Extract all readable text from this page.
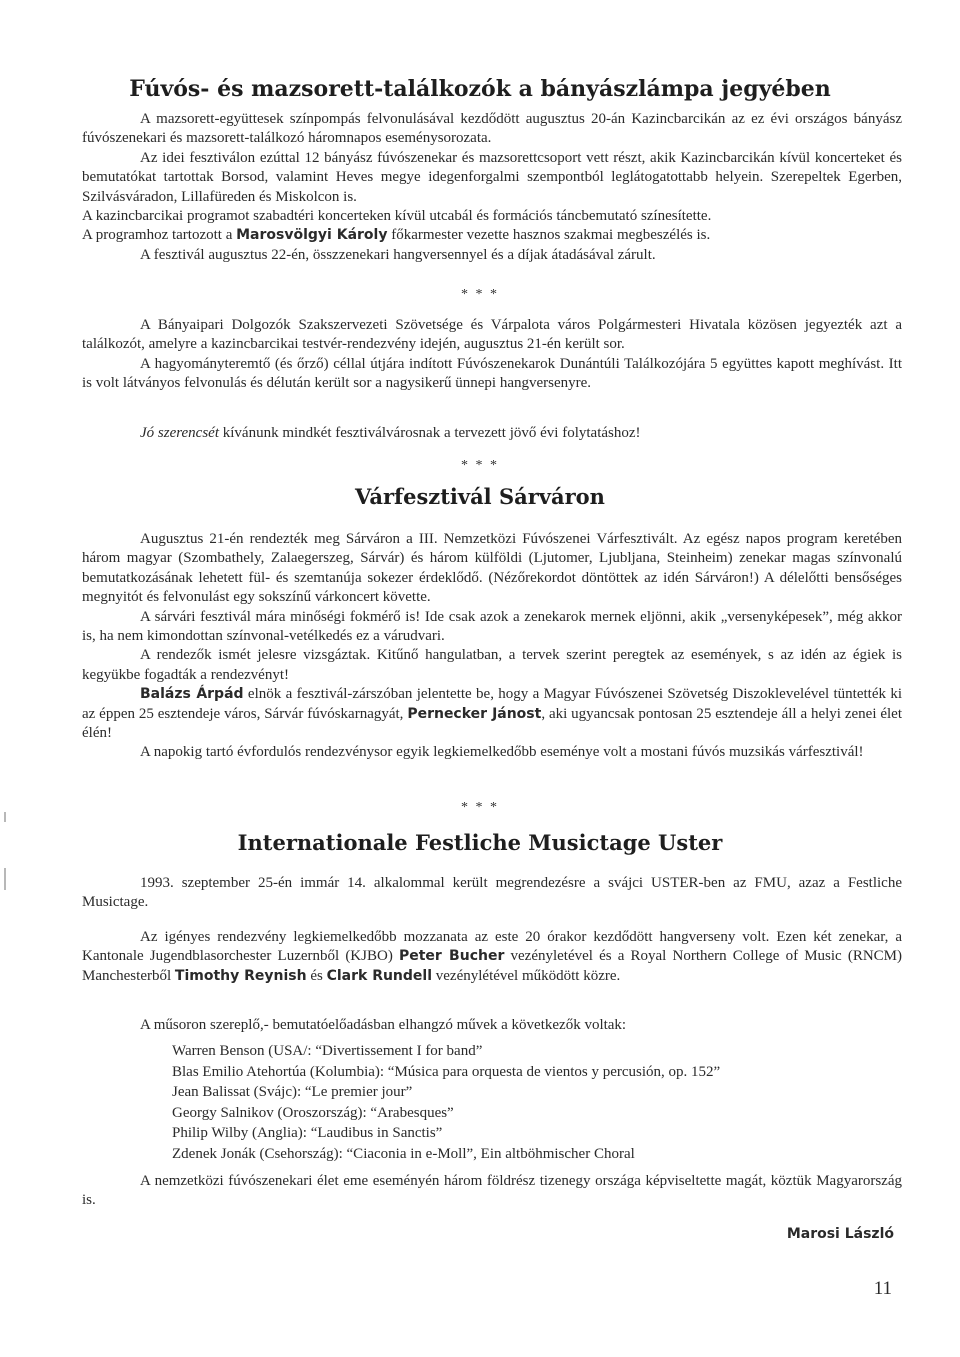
Fúvós- és mazsorett-találkozók a bányászlámpa jegyében

A mazsorett-együttesek színpompás felvonulásával kezdődött augusztus 20-án Kazincbarcikán az ez évi országos bányász fúvószenekari és mazsorett-találkozó háromnapos eseménysorozata.

Az idei fesztiválon ezúttal 12 bányász fúvószenekar és mazsorettcsoport vett részt, akik Kazincbarcikán kívül koncerteket és bemutatókat tartottak Borsod, valamint Heves megye idegenforgalmi szempontból leglátogatottabb helyein. Szerepeltek Egerben, Szilvásváradon, Lillafüreden és Miskolcon is.

A kazincbarcikai programot szabadtéri koncerteken kívül utcabál és formációs táncbemutató színesítette.

A programhoz tartozott a Marosvölgyi Károly főkarmester vezette hasznos szakmai megbeszélés is.

A fesztivál augusztus 22-én, összzenekari hangversennyel és a díjak átadásával zárult.

* * *

A Bányaipari Dolgozók Szakszervezeti Szövetsége és Várpalota város Polgármesteri Hivatala közösen jegyezték azt a találkozót, amelyre a kazincbarcikai testvér-rendezvény idején, augusztus 21-én került sor.

A hagyományteremtő (és őrző) céllal útjára indított Fúvószenekarok Dunántúli Találkozójára 5 együttes kapott meghívást. Itt is volt látványos felvonulás és délután került sor a nagysikerű ünnepi hangversenyre.

Jó szerencsét kívánunk mindkét fesztiválvárosnak a tervezett jövő évi folytatáshoz!

* * *
Várfesztivál Sárváron

Augusztus 21-én rendezték meg Sárváron a III. Nemzetközi Fúvószenei Várfesztivált. Az egész napos program keretében három magyar (Szombathely, Zalaegerszeg, Sárvár) és három külföldi (Ljutomer, Ljubljana, Steinheim) zenekar magas színvonalú bemutatkozásának lehetett fül- és szemtanúja sokezer érdeklődő. (Nézőrekordot döntöttek az idén Sárváron!) A délelőtti bensőséges megnyitót és felvonulást egy sokszínű várkoncert követte.

A sárvári fesztivál mára minőségi fokmérő is! Ide csak azok a zenekarok mernek eljönni, akik „versenyképesek”, még akkor is, ha nem kimondottan színvonal-vetélkedés ez a várudvari.

A rendezők ismét jelesre vizsgáztak. Kitűnő hangulatban, a tervek szerint peregtek az események, s az idén az égiek is kegyükbe fogadták a rendezvényt!

Balázs Árpád elnök a fesztivál-zárszóban jelentette be, hogy a Magyar Fúvószenei Szövetség Diszoklevelével tüntették ki az éppen 25 esztendeje város, Sárvár fúvóskarnagyát, Pernecker Jánost, aki ugyancsak pontosan 25 esztendeje áll a helyi zenei élet élén!

A napokig tartó évfordulós rendezvénysor egyik legkiemelkedőbb eseménye volt a mostani fúvós muzsikás várfesztivál!

* * *
Internationale Festliche Musictage Uster

1993. szeptember 25-én immár 14. alkalommal került megrendezésre a svájci USTER-ben az FMU, azaz a Festliche Musictage.

Az igényes rendezvény legkiemelkedőbb mozzanata az este 20 órakor kezdődött hangverseny volt. Ezen két zenekar, a Kantonale Jugendblasorchester Luzernből (KJBO) Peter Bucher vezényletével és a Royal Northern College of Music (RNCM) Manchesterből Timothy Reynish és Clark Rundell vezénylétével működött közre.

A műsoron szereplő,- bemutatóelőadásban elhangzó művek a következők voltak:

Warren Benson (USA/: “Divertissement I for band”
Blas Emilio Atehortúa (Kolumbia): “Música para orquesta de vientos y percusión, op. 152”
Jean Balissat (Svájc): “Le premier jour”
Georgy Salnikov (Oroszország): “Arabesques”
Philip Wilby (Anglia): “Laudibus in Sanctis”
Zdenek Jonák (Csehország): “Ciaconia in e-Moll”, Ein altböhmischer Choral

A nemzetközi fúvószenekari élet eme eseményén három földrész tizenegy országa képviseltette magát, köztük Magyarország is.

Marosi László
11
